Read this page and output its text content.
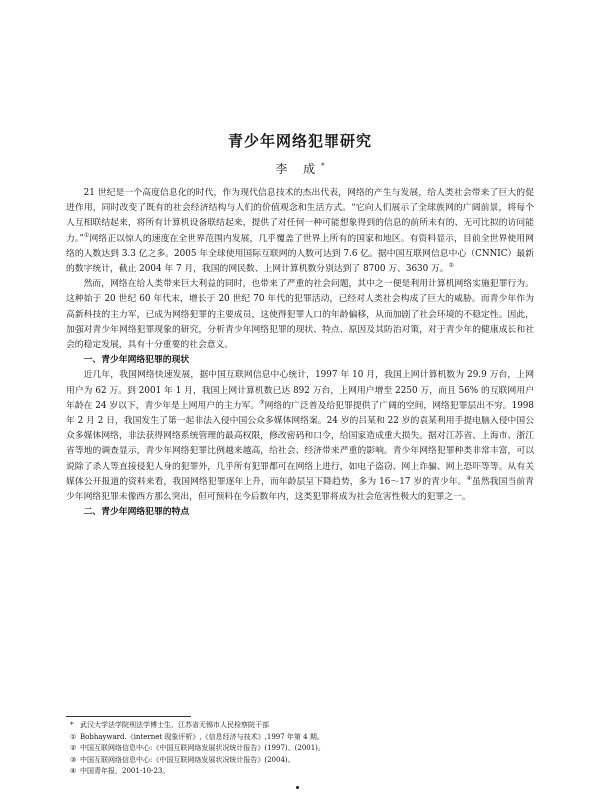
青少年网络犯罪研究
李 成*

21 世纪是一个高度信息化的时代，作为现代信息技术的杰出代表，网络的产生与发展，给人类社会带来了巨大的促进作用，同时改变了既有的社会经济结构与人们的价值观念和生活方式。“它向人们展示了全球族网的广阔前景，将每个人互相联结起来，将所有计算机设备联结起来，提供了对任何一种可能想象得到的信息的前所未有的、无可比拟的访问能力。”①网络正以惊人的速度在全世界范围内发展，几乎覆盖了世界上所有的国家和地区。有资料显示，目前全世界使用网络的人数达到 3.3 亿之多。2005 年全球使用国际互联网的人数可达到 7.6 亿。据中国互联网信息中心（CNNIC）最新的数字统计，截止 2004 年 7 月，我国的网民数、上网计算机数分别达到了 8700 万、3630 万。②

然而，网络在给人类带来巨大利益的同时，也带来了严重的社会问题，其中之一便是利用计算机网络实施犯罪行为。这种始于 20 世纪 60 年代末，增长于 20 世纪 70 年代的犯罪活动，已经对人类社会构成了巨大的威胁。而青少年作为高新科技的主力军，已成为网络犯罪的主要成员，这使得犯罪人口的年龄偏移，从而加剧了社会环境的不稳定性。因此，加强对青少年网络犯罪现象的研究，分析青少年网络犯罪的现状、特点、原因及其防治对策，对于青少年的健康成长和社会的稳定发展，具有十分重要的社会意义。

一、青少年网络犯罪的现状

近几年，我国网络快速发展，据中国互联网信息中心统计，1997 年 10 月，我国上网计算机数为 29.9 万台，上网用户为 62 万。到 2001 年 1 月，我国上网计算机数已达 892 万台，上网用户增至 2250 万，而且 56% 的互联网用户年龄在 24 岁以下，青少年是上网用户的主力军。③网络的广泛普及给犯罪提供了广阔的空间，网络犯罪层出不穷。1998 年 2 月 2 日，我国发生了第一起非法入侵中国公众多媒体网络案。24 岁的吕某和 22 岁的袁某利用手提电脑入侵中国公众多媒体网络，非法获得网络系统管理的最高权限，修改密码和口令，给国家造成重大损失。据对江苏省、上海市、浙江省等地的调查显示，青少年网络犯罪比例越来越高，给社会、经济带来严重的影响。青少年网络犯罪种类非常丰富，可以说除了杀人等直接侵犯人身的犯罪外，几乎所有犯罪都可在网络上进行，如电子盗窃、网上诈骗、网上恐吓等等。从有关媒体公开报道的资料来看，我国网络犯罪逐年上升，而年龄层呈下降趋势，多为 16～17 岁的青少年。④虽然我国当前青少年网络犯罪未像西方那么突出，但可预料在今后数年内，这类犯罪将成为社会危害性极大的犯罪之一。

二、青少年网络犯罪的特点

* 武汉大学法学院刑法学博士生、江苏省无锡市人民检察院干部
① Bobhayward.《internet 现象评析》,《信息经济与技术》,1997 年第 4 期。
② 中国互联网络信息中心:《中国互联网络发展状况统计报告》(1997)、(2001)。
③ 中国互联网络信息中心:《中国互联网络发展状况统计报告》(2004)。
④ 中国青年报，2001-10-23。
